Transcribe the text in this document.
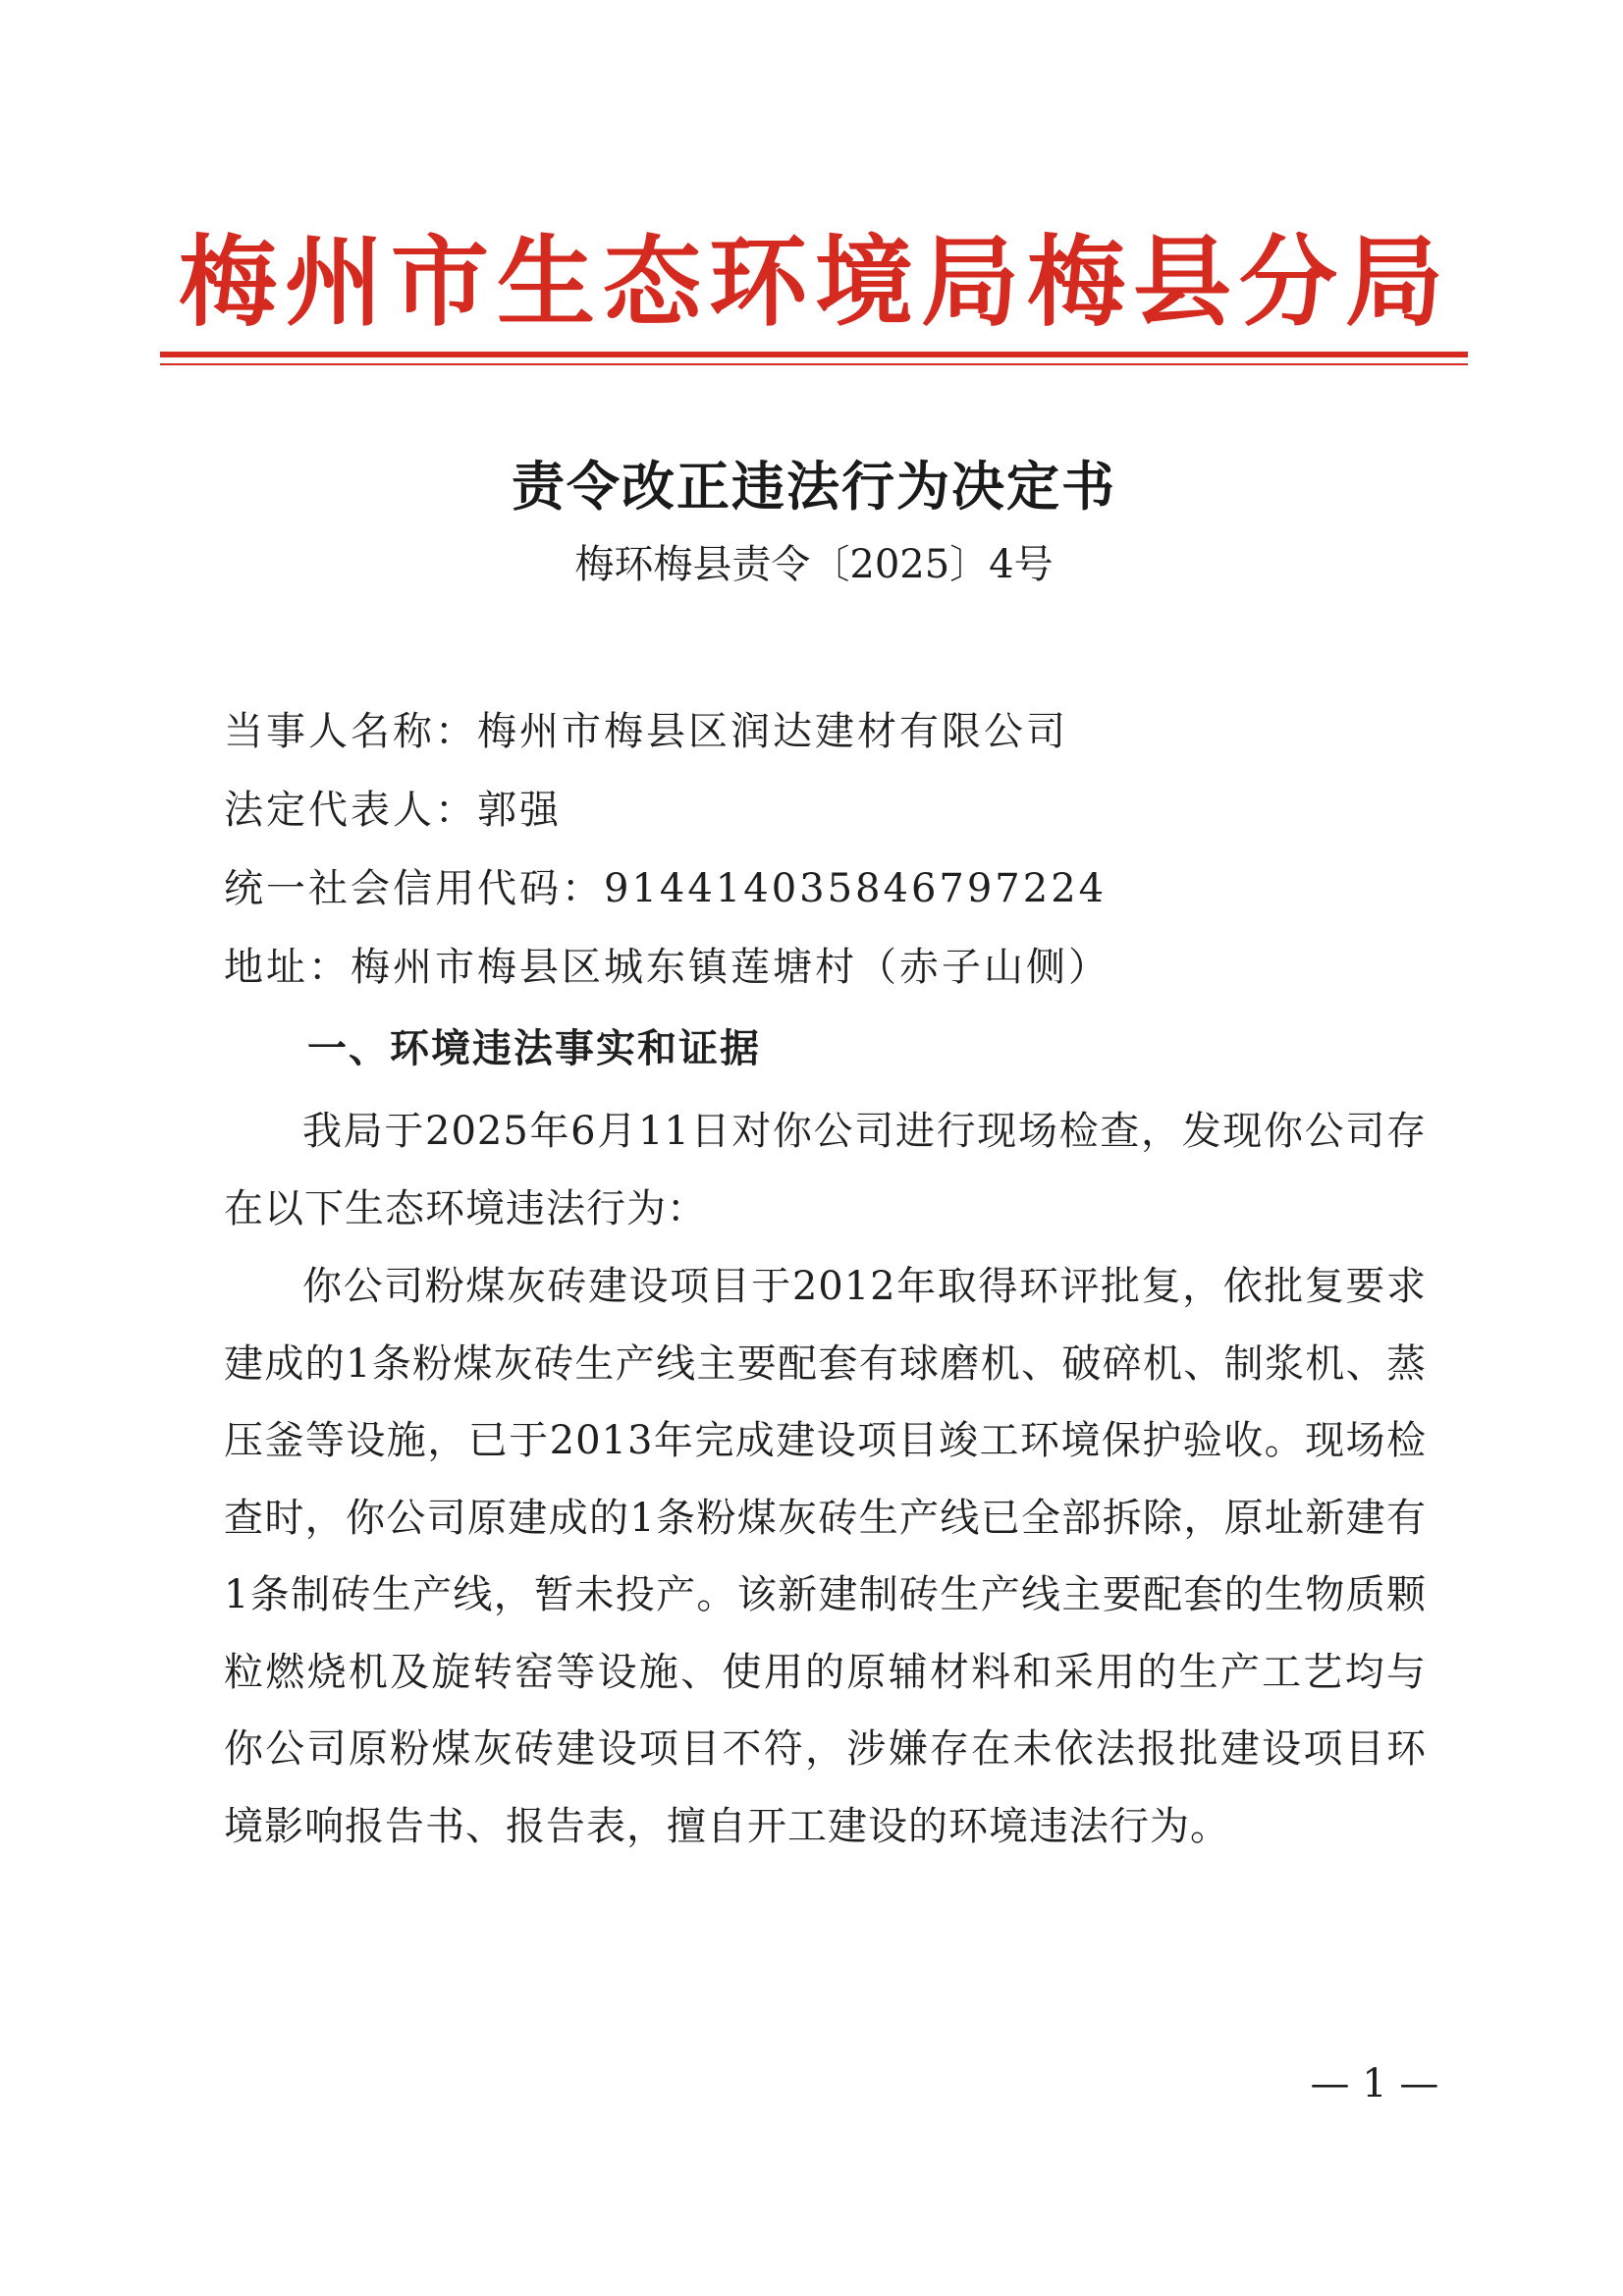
梅州市生态环境局梅县分局
责令改正违法行为决定书
梅环梅县责令〔2025〕4号
当事人名称：梅州市梅县区润达建材有限公司
法定代表人：郭强
统一社会信用代码：914414035846797224
地址：梅州市梅县区城东镇莲塘村（赤子山侧）
一、环境违法事实和证据

我局于2025年6月11日对你公司进行现场检查，发现你公司存在以下生态环境违法行为：

你公司粉煤灰砖建设项目于2012年取得环评批复，依批复要求建成的1条粉煤灰砖生产线主要配套有球磨机、破碎机、制浆机、蒸压釜等设施，已于2013年完成建设项目竣工环境保护验收。现场检查时，你公司原建成的1条粉煤灰砖生产线已全部拆除，原址新建有1条制砖生产线，暂未投产。该新建制砖生产线主要配套的生物质颗粒燃烧机及旋转窑等设施、使用的原辅材料和采用的生产工艺均与你公司原粉煤灰砖建设项目不符，涉嫌存在未依法报批建设项目环境影响报告书、报告表，擅自开工建设的环境违法行为。

— 1 —
